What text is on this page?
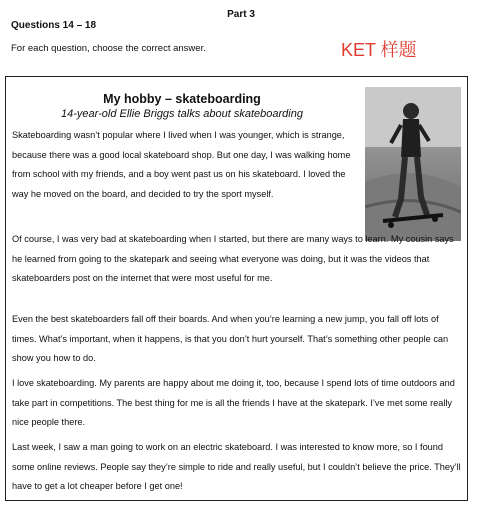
Part 3
Questions 14 – 18
For each question, choose the correct answer.	KET 样题
My hobby – skateboarding
14-year-old Ellie Briggs talks about skateboarding

Skateboarding wasn’t popular where I lived when I was younger, which is strange, because there was a good local skateboard shop. But one day, I was walking home from school with my friends, and a boy went past us on his skateboard. I loved the way he moved on the board, and decided to try the sport myself.

Of course, I was very bad at skateboarding when I started, but there are many ways to learn. My cousin says he learned from going to the skatepark and seeing what everyone was doing, but it was the videos that skateboarders post on the internet that were most useful for me.

Even the best skateboarders fall off their boards. And when you’re learning a new jump, you fall off lots of times. What’s important, when it happens, is that you don’t hurt yourself. That’s something other people can show you how to do.

I love skateboarding. My parents are happy about me doing it, too, because I spend lots of time outdoors and take part in competitions. The best thing for me is all the friends I have at the skatepark. I’ve met some really nice people there.

Last week, I saw a man going to work on an electric skateboard. I was interested to know more, so I found some online reviews. People say they’re simple to ride and really useful, but I couldn’t believe the price. They’ll have to get a lot cheaper before I get one!
